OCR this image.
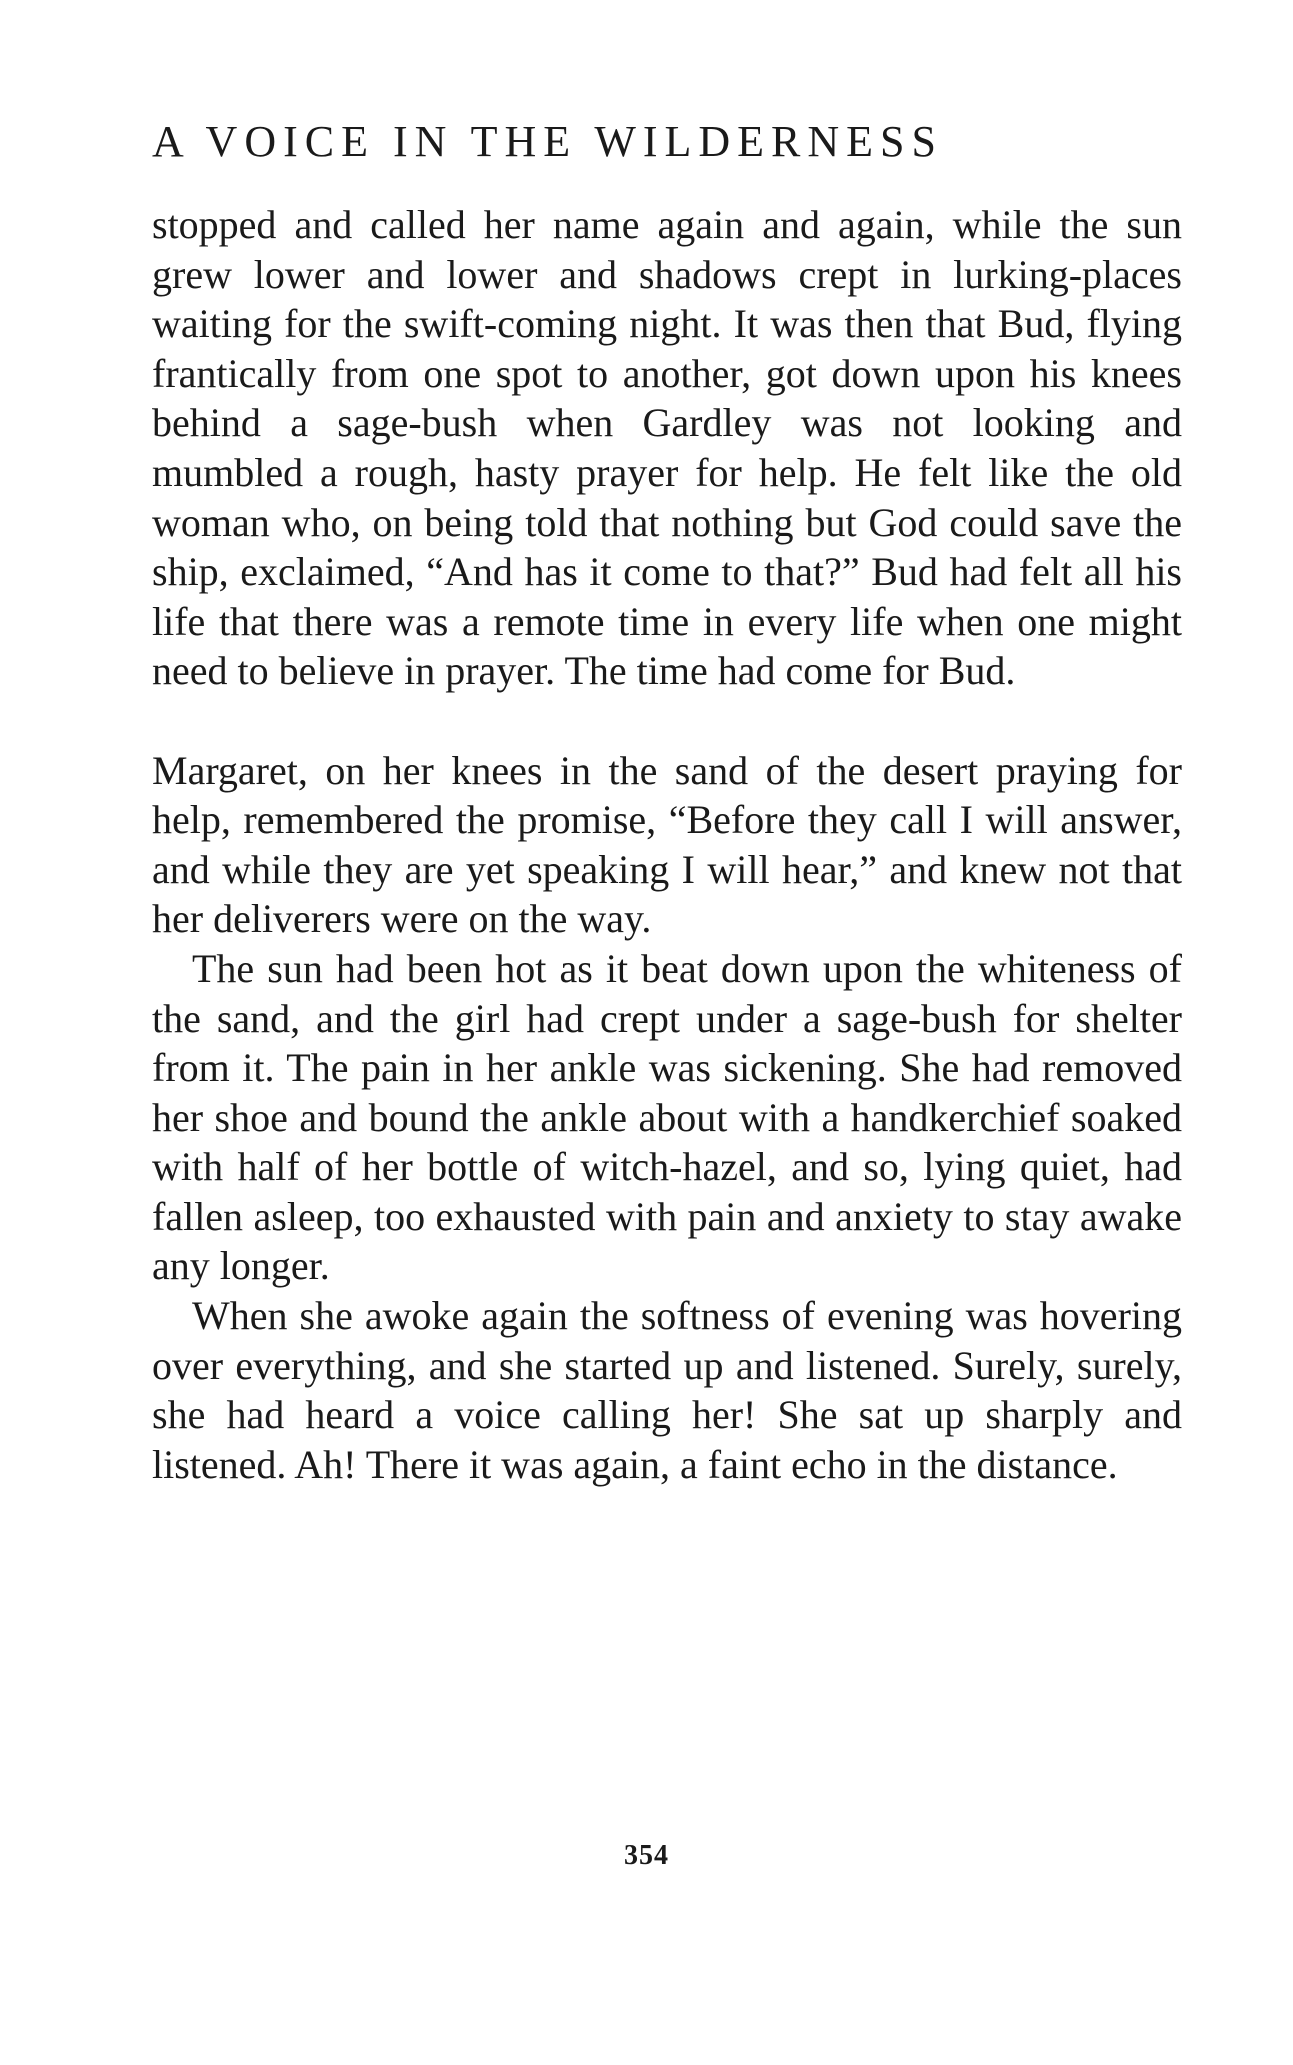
A VOICE IN THE WILDERNESS

stopped and called her name again and again, while the sun grew lower and lower and shadows crept in lurking-places waiting for the swift-coming night. It was then that Bud, flying frantically from one spot to another, got down upon his knees behind a sage-bush when Gardley was not looking and mumbled a rough, hasty prayer for help. He felt like the old woman who, on being told that nothing but God could save the ship, exclaimed, “And has it come to that?” Bud had felt all his life that there was a remote time in every life when one might need to believe in prayer. The time had come for Bud.

Margaret, on her knees in the sand of the desert praying for help, remembered the promise, “Before they call I will answer, and while they are yet speaking I will hear,” and knew not that her deliverers were on the way.

The sun had been hot as it beat down upon the whiteness of the sand, and the girl had crept under a sage-bush for shelter from it. The pain in her ankle was sickening. She had removed her shoe and bound the ankle about with a handkerchief soaked with half of her bottle of witch-hazel, and so, lying quiet, had fallen asleep, too exhausted with pain and anxiety to stay awake any longer.

When she awoke again the softness of evening was hovering over everything, and she started up and listened. Surely, surely, she had heard a voice calling her! She sat up sharply and listened. Ah! There it was again, a faint echo in the distance.

354
